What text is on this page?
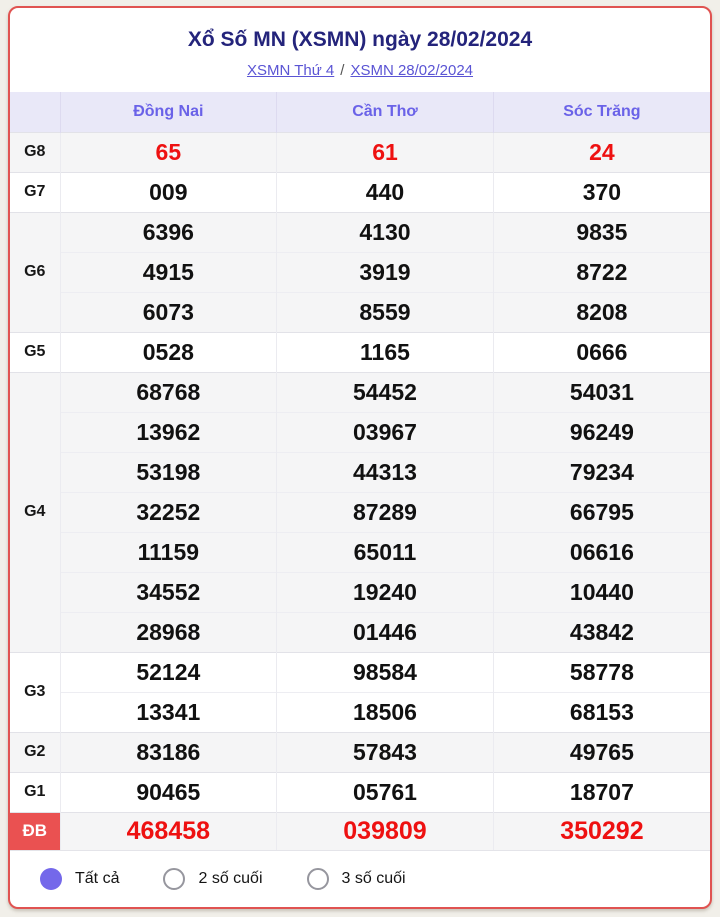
Xổ Số MN (XSMN) ngày 28/02/2024
XSMN Thứ 4 / XSMN 28/02/2024
	Đồng Nai	Cần Thơ	Sóc Trăng
G8	65	61	24
G7	009	440	370
G6	6396	4130	9835
	4915	3919	8722
	6073	8559	8208
G5	0528	1165	0666
G4	68768	54452	54031
	13962	03967	96249
	53198	44313	79234
	32252	87289	66795
	11159	65011	06616
	34552	19240	10440
	28968	01446	43842
G3	52124	98584	58778
	13341	18506	68153
G2	83186	57843	49765
G1	90465	05761	18707
ĐB	468458	039809	350292
Tất cả	2 số cuối	3 số cuối
